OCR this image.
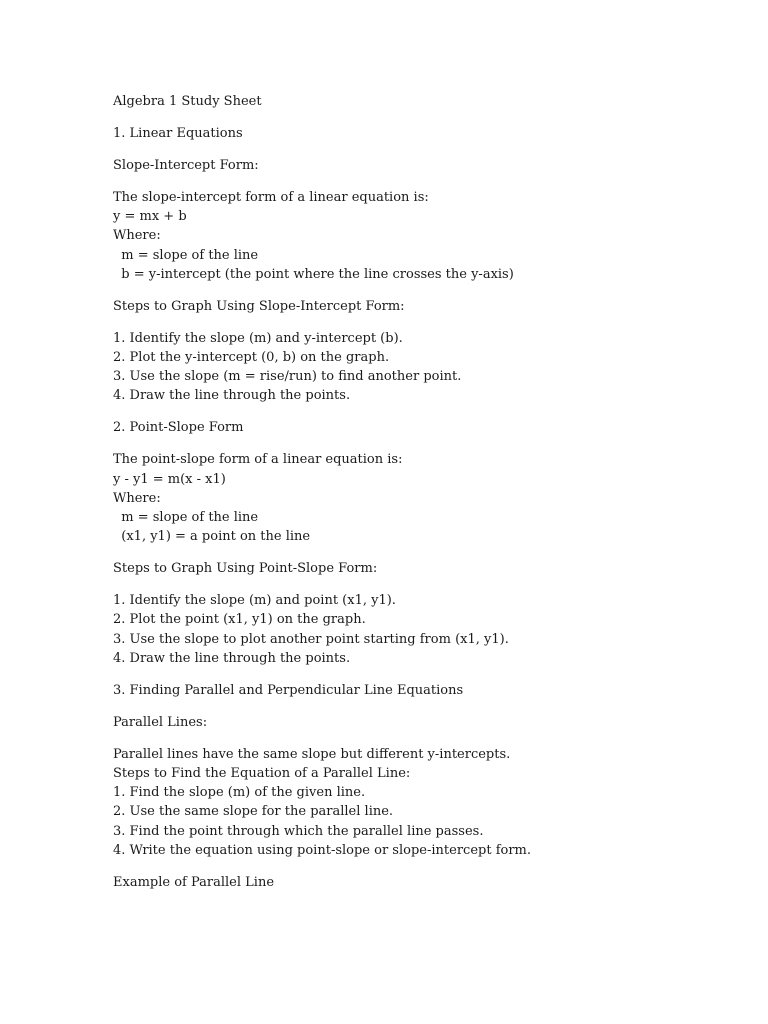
Algebra 1 Study Sheet
1. Linear Equations
Slope-Intercept Form:
The slope-intercept form of a linear equation is:
y = mx + b
Where:
m = slope of the line
b = y-intercept (the point where the line crosses the y-axis)
Steps to Graph Using Slope-Intercept Form:
1. Identify the slope (m) and y-intercept (b).
2. Plot the y-intercept (0, b) on the graph.
3. Use the slope (m = rise/run) to find another point.
4. Draw the line through the points.
2. Point-Slope Form
The point-slope form of a linear equation is:
y - y1 = m(x - x1)
Where:
m = slope of the line
(x1, y1) = a point on the line
Steps to Graph Using Point-Slope Form:
1. Identify the slope (m) and point (x1, y1).
2. Plot the point (x1, y1) on the graph.
3. Use the slope to plot another point starting from (x1, y1).
4. Draw the line through the points.
3. Finding Parallel and Perpendicular Line Equations
Parallel Lines:
Parallel lines have the same slope but different y-intercepts.
Steps to Find the Equation of a Parallel Line:
1. Find the slope (m) of the given line.
2. Use the same slope for the parallel line.
3. Find the point through which the parallel line passes.
4. Write the equation using point-slope or slope-intercept form.
Example of Parallel Line
